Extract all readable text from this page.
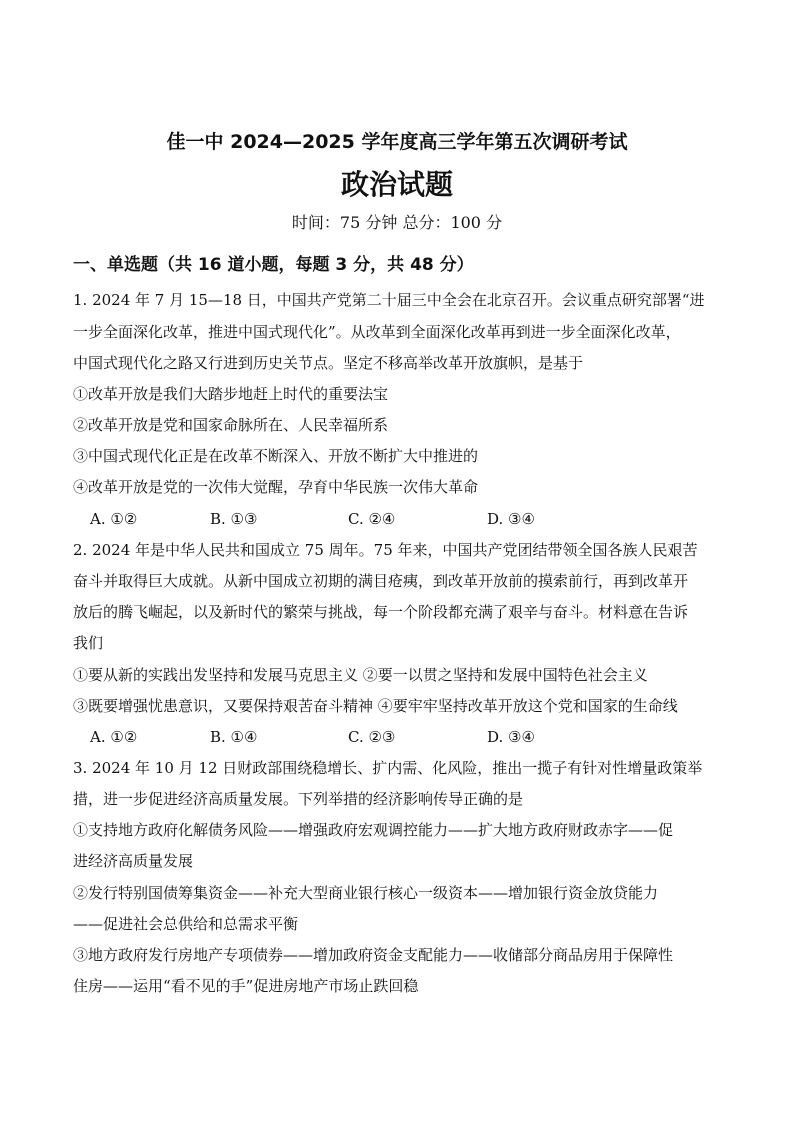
佳一中 2024—2025 学年度高三学年第五次调研考试
政治试题
时间：75 分钟 总分：100 分
一、单选题（共 16 道小题，每题 3 分，共 48 分）
1. 2024 年 7 月 15—18 日，中国共产党第二十届三中全会在北京召开。会议重点研究部署“进
一步全面深化改革，推进中国式现代化”。从改革到全面深化改革再到进一步全面深化改革，
中国式现代化之路又行进到历史关节点。坚定不移高举改革开放旗帜，是基于
①改革开放是我们大踏步地赶上时代的重要法宝
②改革开放是党和国家命脉所在、人民幸福所系
③中国式现代化正是在改革不断深入、开放不断扩大中推进的
④改革开放是党的一次伟大觉醒，孕育中华民族一次伟大革命
A. ①②	B. ①③	C. ②④	D. ③④
2. 2024 年是中华人民共和国成立 75 周年。75 年来，中国共产党团结带领全国各族人民艰苦
奋斗并取得巨大成就。从新中国成立初期的满目疮痍，到改革开放前的摸索前行，再到改革开
放后的腾飞崛起，以及新时代的繁荣与挑战，每一个阶段都充满了艰辛与奋斗。材料意在告诉
我们
①要从新的实践出发坚持和发展马克思主义 ②要一以贯之坚持和发展中国特色社会主义
③既要增强忧患意识，又要保持艰苦奋斗精神 ④要牢牢坚持改革开放这个党和国家的生命线
A. ①②	B. ①④	C. ②③	D. ③④
3. 2024 年 10 月 12 日财政部围绕稳增长、扩内需、化风险，推出一揽子有针对性增量政策举
措，进一步促进经济高质量发展。下列举措的经济影响传导正确的是
①支持地方政府化解债务风险——增强政府宏观调控能力——扩大地方政府财政赤字——促
进经济高质量发展
②发行特别国债筹集资金——补充大型商业银行核心一级资本——增加银行资金放贷能力
——促进社会总供给和总需求平衡
③地方政府发行房地产专项债券——增加政府资金支配能力——收储部分商品房用于保障性
住房——运用“看不见的手”促进房地产市场止跌回稳
